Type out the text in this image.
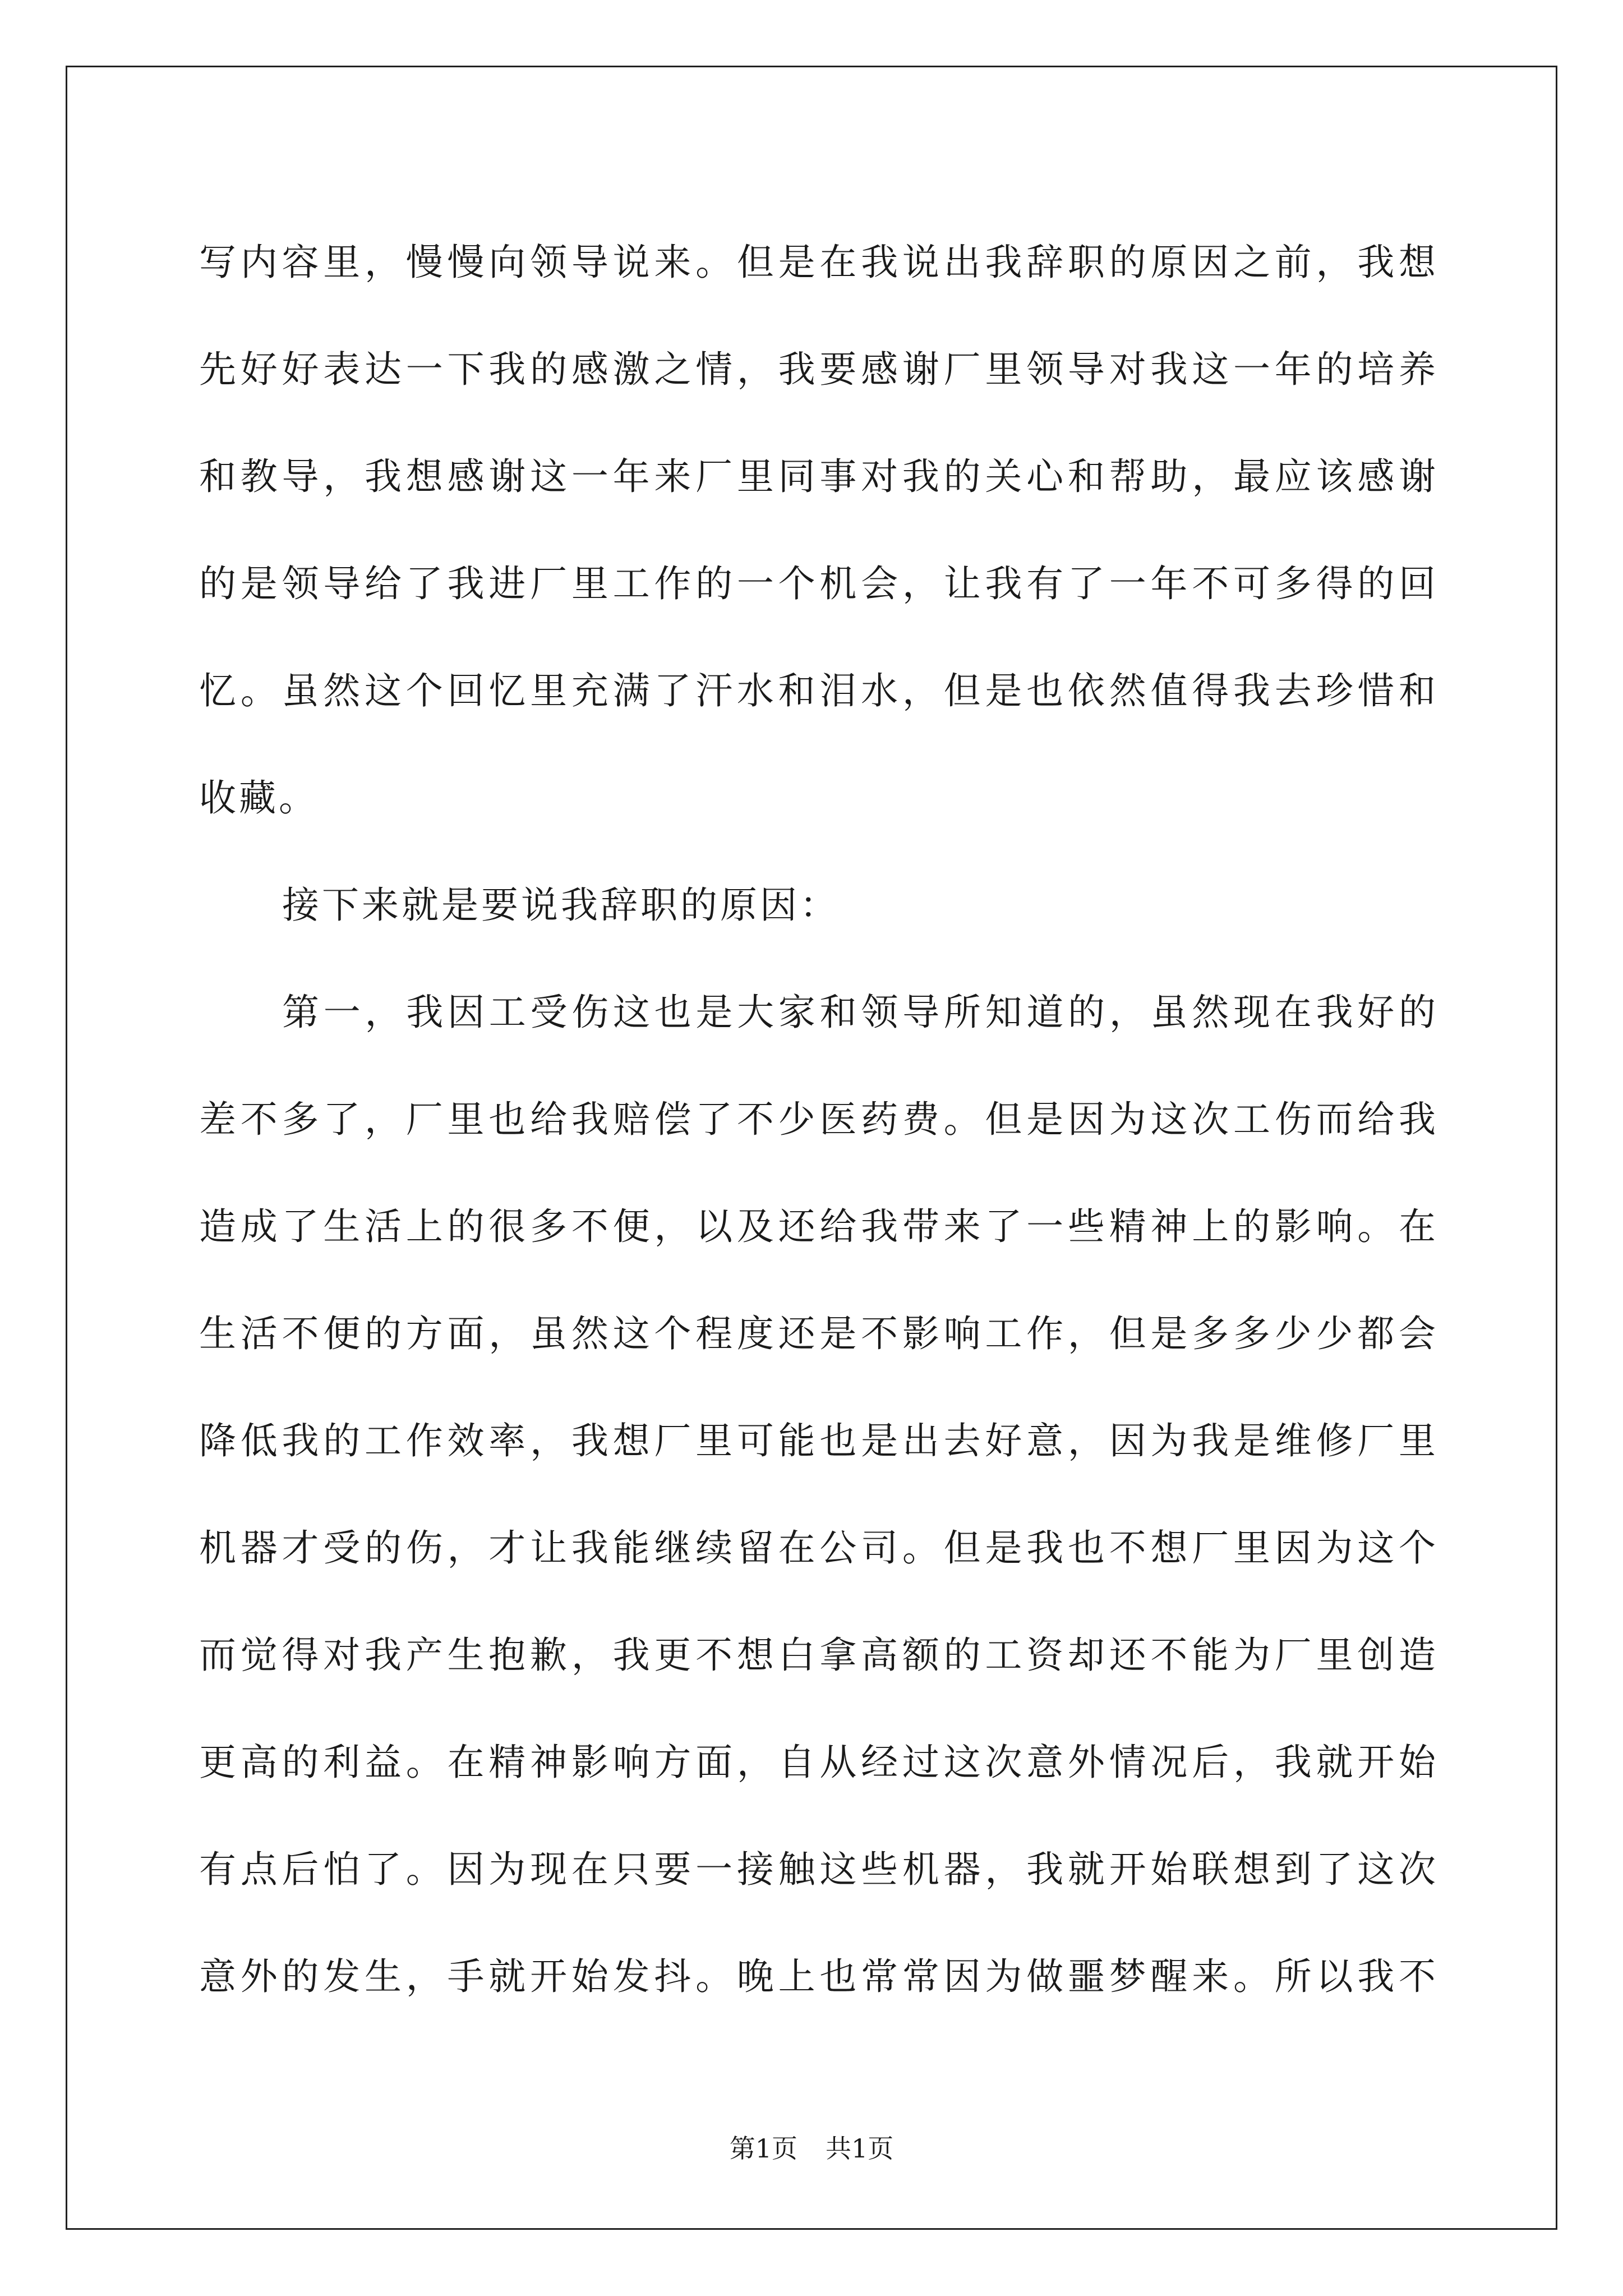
写内容里，慢慢向领导说来。但是在我说出我辞职的原因之前，我想
先好好表达一下我的感激之情，我要感谢厂里领导对我这一年的培养
和教导，我想感谢这一年来厂里同事对我的关心和帮助，最应该感谢
的是领导给了我进厂里工作的一个机会，让我有了一年不可多得的回
忆。虽然这个回忆里充满了汗水和泪水，但是也依然值得我去珍惜和
收藏。
接下来就是要说我辞职的原因：
第一，我因工受伤这也是大家和领导所知道的，虽然现在我好的
差不多了，厂里也给我赔偿了不少医药费。但是因为这次工伤而给我
造成了生活上的很多不便，以及还给我带来了一些精神上的影响。在
生活不便的方面，虽然这个程度还是不影响工作，但是多多少少都会
降低我的工作效率，我想厂里可能也是出去好意，因为我是维修厂里
机器才受的伤，才让我能继续留在公司。但是我也不想厂里因为这个
而觉得对我产生抱歉，我更不想白拿高额的工资却还不能为厂里创造
更高的利益。在精神影响方面，自从经过这次意外情况后，我就开始
有点后怕了。因为现在只要一接触这些机器，我就开始联想到了这次
意外的发生，手就开始发抖。晚上也常常因为做噩梦醒来。所以我不
第1页 共1页
